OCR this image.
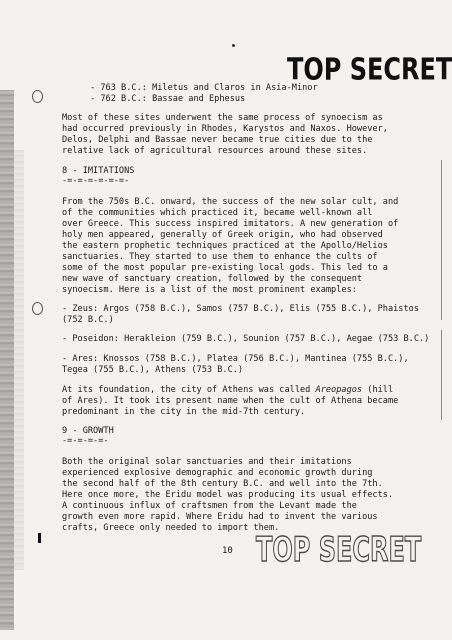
TOP SECRET
TOP SECRET

- 763 B.C.: Miletus and Claros in Asia-Minor

- 762 B.C.: Bassae and Ephesus

Most of these sites underwent the same process of synoecism as

had occurred previously in Rhodes, Karystos and Naxos. However,

Delos, Delphi and Bassae never became true cities due to the

relative lack of agricultural resources around these sites.

8 - IMITATIONS

-=-=-=-=-=-=-

From the 750s B.C. onward, the success of the new solar cult, and

of the communities which practiced it, became well-known all

over Greece. This success inspired imitators. A new generation of

holy men appeared, generally of Greek origin, who had observed

the eastern prophetic techniques practiced at the Apollo/Helios

sanctuaries. They started to use them to enhance the cults of

some of the most popular pre-existing local gods. This led to a

new wave of sanctuary creation, followed by the consequent

synoecism. Here is a list of the most prominent examples:

- Zeus: Argos (758 B.C.), Samos (757 B.C.), Elis (755 B.C.), Phaistos

(752 B.C.)

- Poseidon: Herakleion (759 B.C.), Sounion (757 B.C.), Aegae (753 B.C.)

- Ares: Knossos (758 B.C.), Platea (756 B.C.), Mantinea (755 B.C.),

Tegea (755 B.C.), Athens (753 B.C.)

At its foundation, the city of Athens was called Areopagos (hill

of Ares). It took its present name when the cult of Athena became

predominant in the city in the mid-7th century.

9 - GROWTH

-=-=-=-=-

Both the original solar sanctuaries and their imitations

experienced explosive demographic and economic growth during

the second half of the 8th century B.C. and well into the 7th.

Here once more, the Eridu model was producing its usual effects.

A continuous influx of craftsmen from the Levant made the

growth even more rapid. Where Eridu had to invent the various

crafts, Greece only needed to import them.

10
